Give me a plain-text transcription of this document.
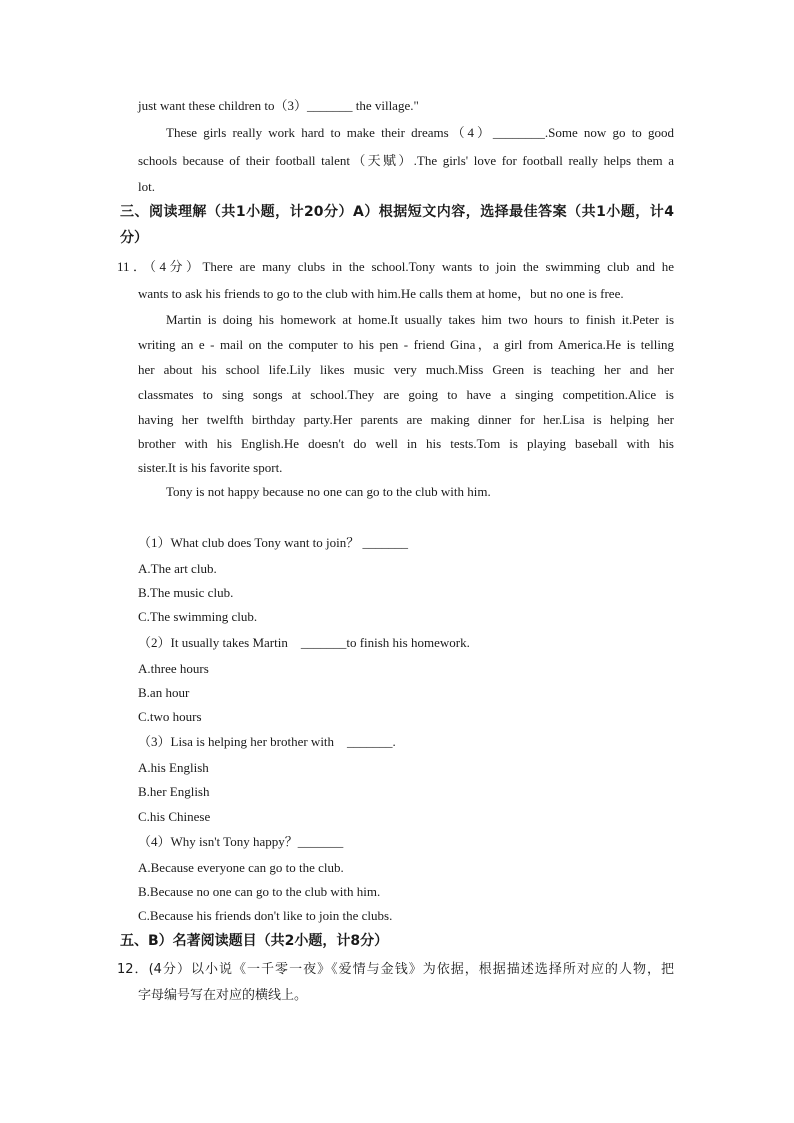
just want these children to（3）_______ the village."
These girls really work hard to make their dreams（4）________.Some now go to good
schools because of their football talent（天赋）.The girls' love for football really helps them a
lot.
三、阅读理解（共1小题，计20分）A）根据短文内容，选择最佳答案（共1小题，计4
分）
11．（4分）There are many clubs in the school.Tony wants to join the swimming club and he
wants to ask his friends to go to the club with him.He calls them at home，but no one is free.
Martin is doing his homework at home.It usually takes him two hours to finish it.Peter is
writing an e - mail on the computer to his pen - friend Gina，a girl from America.He is telling
her about his school life.Lily likes music very much.Miss Green is teaching her and her
classmates to sing songs at school.They are going to have a singing competition.Alice is
having her twelfth birthday party.Her parents are making dinner for her.Lisa is helping her
brother with his English.He doesn't do well in his tests.Tom is playing baseball with his
sister.It is his favorite sport.
Tony is not happy because no one can go to the club with him.
（1）What club does Tony want to join？ _______
A.The art club.
B.The music club.
C.The swimming club.
（2）It usually takes Martin    _______to finish his homework.
A.three hours
B.an hour
C.two hours
（3）Lisa is helping her brother with    _______.
A.his English
B.her English
C.his Chinese
（4）Why isn't Tony happy？_______
A.Because everyone can go to the club.
B.Because no one can go to the club with him.
C.Because his friends don't like to join the clubs.
五、B）名著阅读题目（共2小题，计8分）
12．(4分）以小说《一千零一夜》《爱情与金钱》为依据，根据描述选择所对应的人物，把
字母编号写在对应的横线上。
